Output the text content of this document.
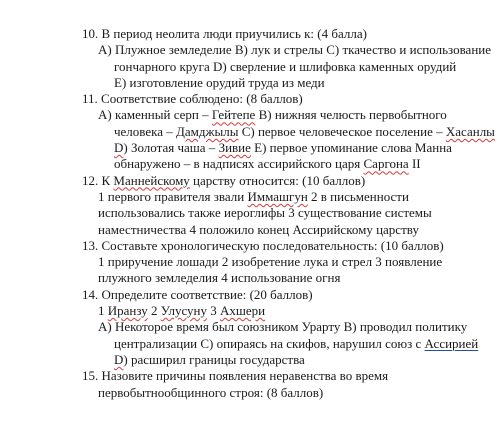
10. В период неолита люди приучились к: (4 балла)
А) Плужное земледелие В) лук и стрелы С) ткачество и использование
гончарного круга D) сверление и шлифовка каменных орудий
Е) изготовление орудий труда из меди
11. Соответствие соблюдено: (8 баллов)
А) каменный серп – Гейтепе В) нижняя челюсть первобытного
человека – Дамджылы С) первое человеческое поселение – Хасанлы
D) Золотая чаша – Зивие Е) первое упоминание слова Манна
обнаружено – в надписях ассирийского царя Саргона II
12. К Маннейскому царству относится: (10 баллов)
1 первого правителя звали Иммашгун 2 в письменности
использовались также иероглифы 3 существование системы
наместничества 4 положило конец Ассирийскому царству
13. Составьте хронологическую последовательность: (10 баллов)
1 приручение лошади 2 изобретение лука и стрел 3 появление
плужного земледелия 4 использование огня
14. Определите соответствие: (20 баллов)
1 Иранзу 2 Улусуну 3 Ахшери
А) Некоторое время был союзником Урарту В) проводил политику
централизации С) опираясь на скифов, нарушил союз с Ассирией
D) расширил границы государства
15. Назовите причины появления неравенства во время
первобытнообщинного строя: (8 баллов)
